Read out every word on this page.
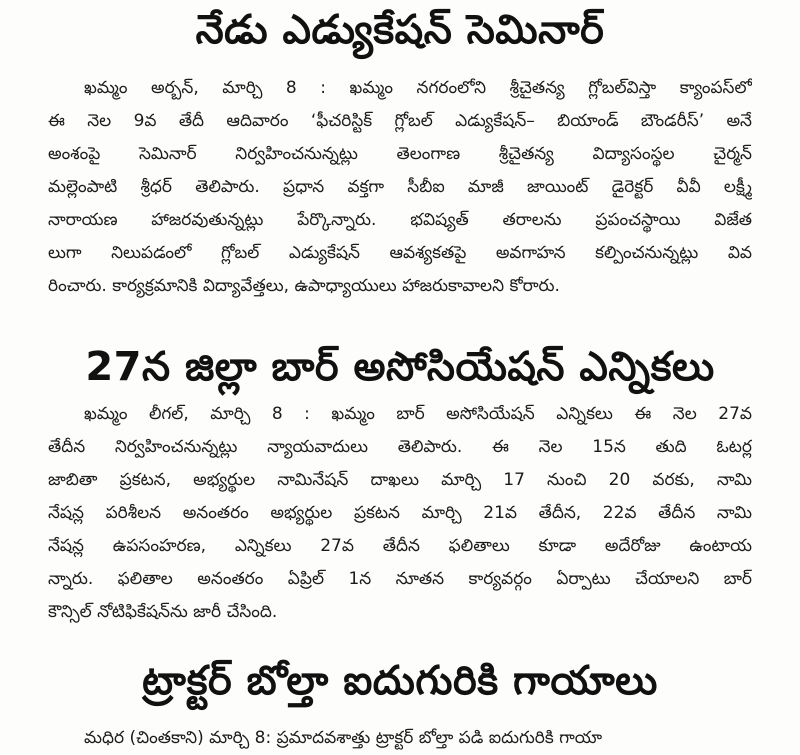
నేడు ఎడ్యుకేషన్ సెమినార్
ఖమ్మం అర్బన్, మార్చి 8 : ఖమ్మం నగరంలోని శ్రీచైతన్య గ్లోబల్‌విస్తా క్యాంపస్‌లో
ఈ నెల 9వ తేదీ ఆదివారం ‘ఫీచరిస్టిక్ గ్లోబల్ ఎడ్యుకేషన్– బియాండ్ బౌండరీస్’ అనే
అంశంపై సెమినార్ నిర్వహించనున్నట్లు తెలంగాణ శ్రీచైతన్య విద్యాసంస్థల చైర్మన్
మల్లెంపాటి శ్రీధర్ తెలిపారు. ప్రధాన వక్తగా సీబీఐ మాజీ జాయింట్ డైరెక్టర్ వీవీ లక్ష్మీ
నారాయణ హాజరవుతున్నట్లు పేర్కొన్నారు. భవిష్యత్ తరాలను ప్రపంచస్థాయి విజేత
లుగా నిలుపడంలో గ్లోబల్ ఎడ్యుకేషన్ ఆవశ్యకతపై అవగాహన కల్పించనున్నట్లు వివ
రించారు. కార్యక్రమానికి విద్యావేత్తలు, ఉపాధ్యాయులు హాజరుకావాలని కోరారు.
27న జిల్లా బార్ అసోసియేషన్ ఎన్నికలు
ఖమ్మం లీగల్, మార్చి 8 : ఖమ్మం బార్ అసోసియేషన్ ఎన్నికలు ఈ నెల 27వ
తేదీన నిర్వహించనున్నట్లు న్యాయవాదులు తెలిపారు. ఈ నెల 15న తుది ఓటర్ల
జాబితా ప్రకటన, అభ్యర్థుల నామినేషన్ దాఖలు మార్చి 17 నుంచి 20 వరకు, నామి
నేషన్ల పరిశీలన అనంతరం అభ్యర్థుల ప్రకటన మార్చి 21వ తేదీన, 22వ తేదీన నామి
నేషన్ల ఉపసంహరణ, ఎన్నికలు 27వ తేదీన ఫలితాలు కూడా అదేరోజు ఉంటాయ
న్నారు. ఫలితాల అనంతరం ఏప్రిల్ 1న నూతన కార్యవర్గం ఏర్పాటు చేయాలని బార్
కౌన్సిల్ నోటిఫికేషన్‌ను జారీ చేసింది.
ట్రాక్టర్ బోల్తా ఐదుగురికి గాయాలు
మధిర (చింతకాని) మార్చి 8: ప్రమాదవశాత్తు ట్రాక్టర్ బోల్తా పడి ఐదుగురికి గాయా
